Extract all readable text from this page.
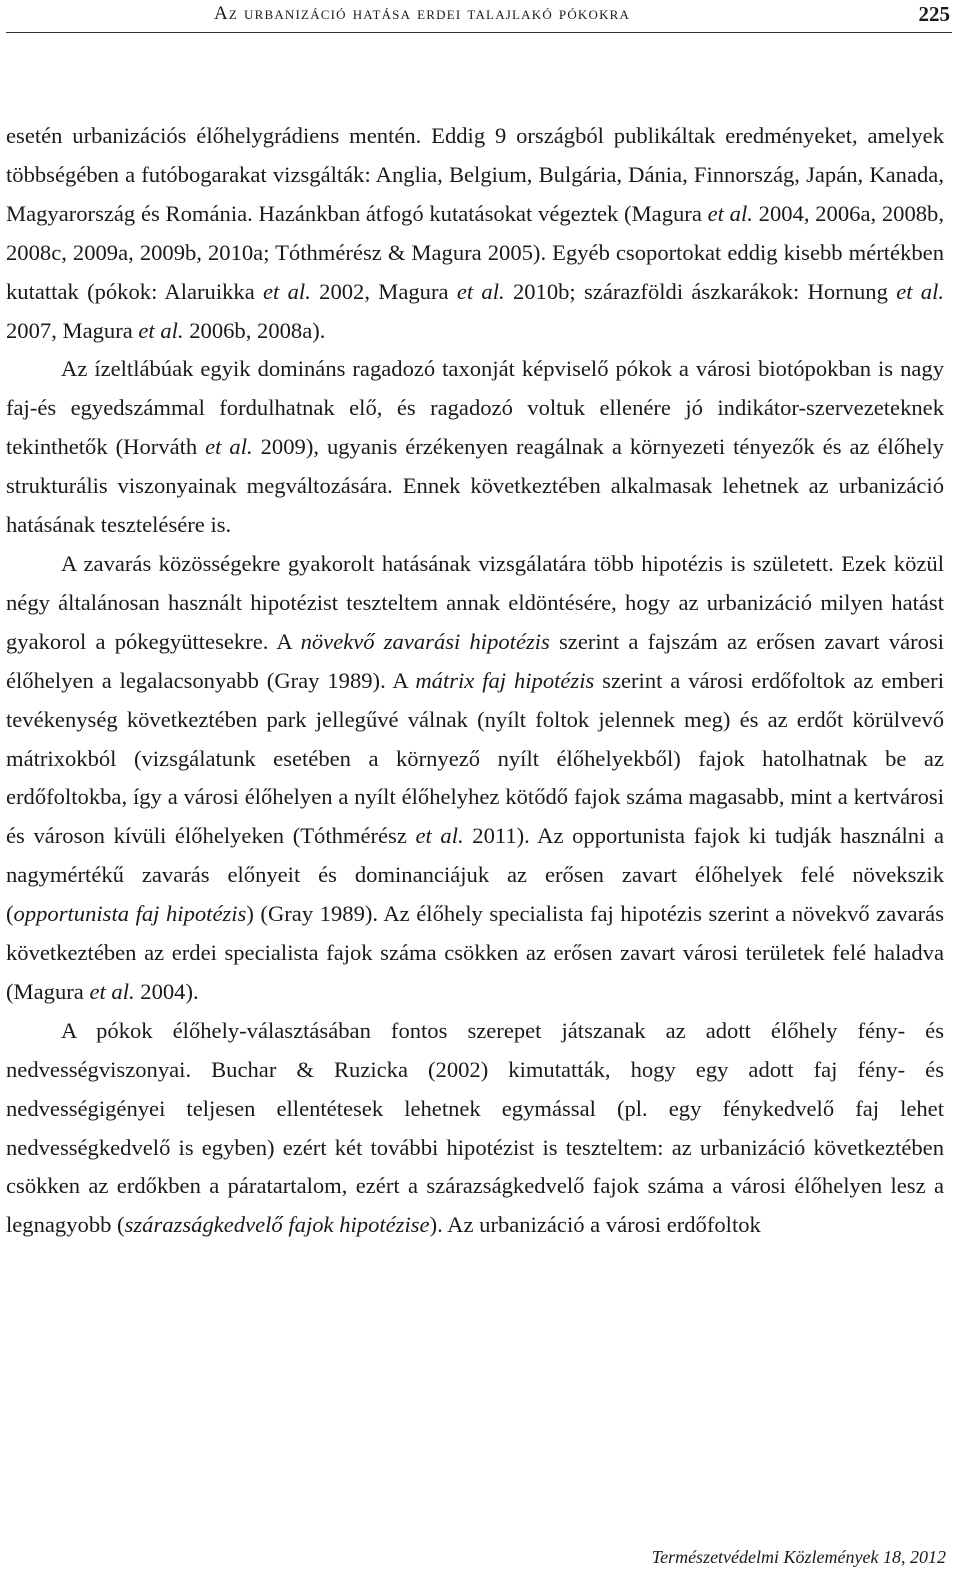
Az urbanizáció hatása erdei talajlakó pókokra	225

esetén urbanizációs élőhelygrádiens mentén. Eddig 9 országból publikáltak eredményeket, amelyek többségében a futóbogarakat vizsgálták: Anglia, Belgium, Bulgária, Dánia, Finnország, Japán, Kanada, Magyarország és Románia. Hazánkban átfogó kutatásokat végeztek (Magura et al. 2004, 2006a, 2008b, 2008c, 2009a, 2009b, 2010a; Tóthmérész & Magura 2005). Egyéb csoportokat eddig kisebb mértékben kutattak (pókok: Alaruikka et al. 2002, Magura et al. 2010b; szárazföldi ászkarákok: Hornung et al. 2007, Magura et al. 2006b, 2008a).

Az ízeltlábúak egyik domináns ragadozó taxonját képviselő pókok a városi biotópokban is nagy faj-és egyedszámmal fordulhatnak elő, és ragadozó voltuk ellenére jó indikátor-szervezeteknek tekinthetők (Horváth et al. 2009), ugyanis érzékenyen reagálnak a környezeti tényezők és az élőhely strukturális viszonyainak megváltozására. Ennek következtében alkalmasak lehetnek az urbanizáció hatásának tesztelésére is.

A zavarás közösségekre gyakorolt hatásának vizsgálatára több hipotézis is született. Ezek közül négy általánosan használt hipotézist teszteltem annak eldöntésére, hogy az urbanizáció milyen hatást gyakorol a pókegyüttesekre. A növekvő zavarási hipotézis szerint a fajszám az erősen zavart városi élőhelyen a legalacsonyabb (Gray 1989). A mátrix faj hipotézis szerint a városi erdőfoltok az emberi tevékenység következtében park jellegűvé válnak (nyílt foltok jelennek meg) és az erdőt körülvevő mátrixokból (vizsgálatunk esetében a környező nyílt élőhelyekből) fajok hatolhatnak be az erdőfoltokba, így a városi élőhelyen a nyílt élőhelyhez kötődő fajok száma magasabb, mint a kertvárosi és városon kívüli élőhelyeken (Tóthmérész et al. 2011). Az opportunista fajok ki tudják használni a nagymértékű zavarás előnyeit és dominanciájuk az erősen zavart élőhelyek felé növekszik (opportunista faj hipotézis) (Gray 1989). Az élőhely specialista faj hipotézis szerint a növekvő zavarás következtében az erdei specialista fajok száma csökken az erősen zavart városi területek felé haladva (Magura et al. 2004).

A pókok élőhely-választásában fontos szerepet játszanak az adott élőhely fény- és nedvességviszonyai. Buchar & Ruzicka (2002) kimutatták, hogy egy adott faj fény- és nedvességigényei teljesen ellentétesek lehetnek egymással (pl. egy fénykedvelő faj lehet nedvességkedvelő is egyben) ezért két további hipotézist is teszteltem: az urbanizáció következtében csökken az erdőkben a páratartalom, ezért a szárazságkedvelő fajok száma a városi élőhelyen lesz a legnagyobb (szárazságkedvelő fajok hipotézise). Az urbanizáció a városi erdőfoltok

Természetvédelmi Közlemények 18, 2012
